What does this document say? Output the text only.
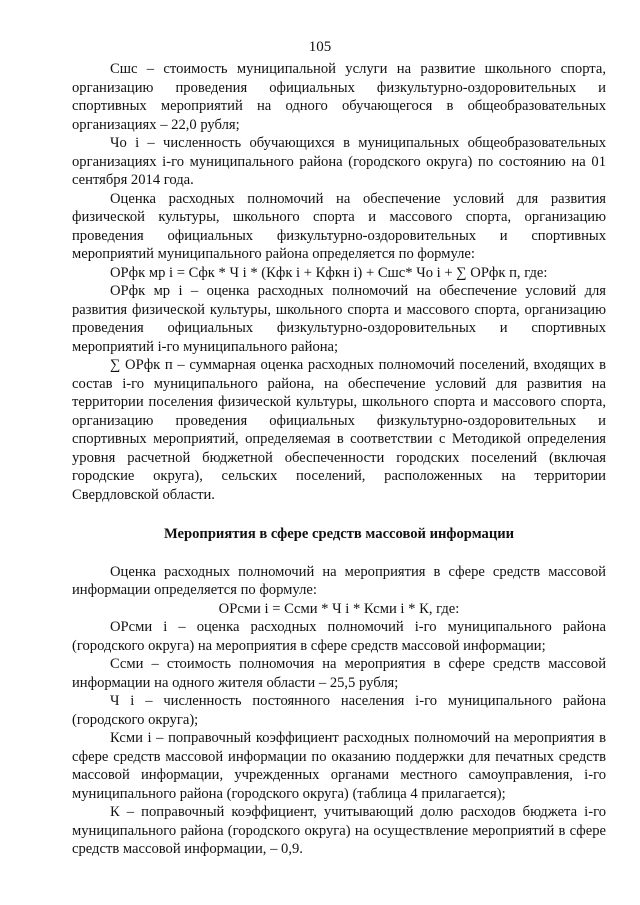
105

Сшс – стоимость муниципальной услуги на развитие школьного спорта, организацию проведения официальных физкультурно-оздоровительных и спортивных мероприятий на одного обучающегося в общеобразовательных организациях – 22,0 рубля;

Чо i – численность обучающихся в муниципальных общеобразовательных организациях i-го муниципального района (городского округа) по состоянию на 01 сентября 2014 года.

Оценка расходных полномочий на обеспечение условий для развития физической культуры, школьного спорта и массового спорта, организацию проведения официальных физкультурно-оздоровительных и спортивных мероприятий муниципального района определяется по формуле:

ОРфк мр i = Сфк * Ч i * (Кфк i + Кфкн i) + Сшс* Чо i + ∑ ОРфк п, где:

ОРфк мр i – оценка расходных полномочий на обеспечение условий для развития физической культуры, школьного спорта и массового спорта, организацию проведения официальных физкультурно-оздоровительных и спортивных мероприятий i-го муниципального района;

∑ ОРфк п – суммарная оценка расходных полномочий поселений, входящих в состав i-го муниципального района, на обеспечение условий для развития на территории поселения физической культуры, школьного спорта и массового спорта, организацию проведения официальных физкультурно-оздоровительных и спортивных мероприятий, определяемая в соответствии с Методикой определения уровня расчетной бюджетной обеспеченности городских поселений (включая городские округа), сельских поселений, расположенных на территории Свердловской области.

Мероприятия в сфере средств массовой информации

Оценка расходных полномочий на мероприятия в сфере средств массовой информации определяется по формуле:

ОРсми i = Ссми * Ч i * Ксми i * К, где:

ОРсми i – оценка расходных полномочий i-го муниципального района (городского округа) на мероприятия в сфере средств массовой информации;

Ссми – стоимость полномочия на мероприятия в сфере средств массовой информации на одного жителя области – 25,5 рубля;

Ч i – численность постоянного населения i-го муниципального района (городского округа);

Ксми i – поправочный коэффициент расходных полномочий на мероприятия в сфере средств массовой информации по оказанию поддержки для печатных средств массовой информации, учрежденных органами местного самоуправления, i-го муниципального района (городского округа) (таблица 4 прилагается);

К – поправочный коэффициент, учитывающий долю расходов бюджета i-го муниципального района (городского округа) на осуществление мероприятий в сфере средств массовой информации, – 0,9.
